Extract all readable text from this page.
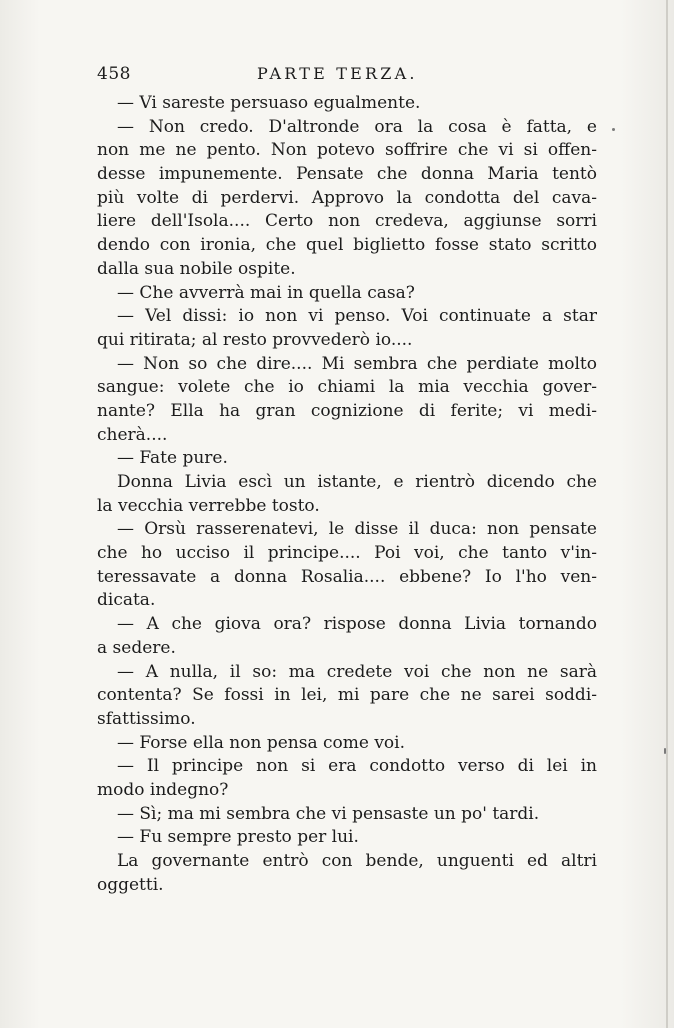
458	PARTE TERZA.
— Vi sareste persuaso egualmente.
— Non credo. D'altronde ora la cosa è fatta, e
non me ne pento. Non potevo soffrire che vi si offen-
desse impunemente. Pensate che donna Maria tentò
più volte di perdervi. Approvo la condotta del cava-
liere dell'Isola.... Certo non credeva, aggiunse sorri
dendo con ironia, che quel biglietto fosse stato scritto
dalla sua nobile ospite.
— Che avverrà mai in quella casa?
— Vel dissi: io non vi penso. Voi continuate a star
qui ritirata; al resto provvederò io....
— Non so che dire.... Mi sembra che perdiate molto
sangue: volete che io chiami la mia vecchia gover-
nante? Ella ha gran cognizione di ferite; vi medi-
cherà....
— Fate pure.
Donna Livia escì un istante, e rientrò dicendo che
la vecchia verrebbe tosto.
— Orsù rasserenatevi, le disse il duca: non pensate
che ho ucciso il principe.... Poi voi, che tanto v'in-
teressavate a donna Rosalia.... ebbene? Io l'ho ven-
dicata.
— A che giova ora? rispose donna Livia tornando
a sedere.
— A nulla, il so: ma credete voi che non ne sarà
contenta? Se fossi in lei, mi pare che ne sarei soddi-
sfattissimo.
— Forse ella non pensa come voi.
— Il principe non si era condotto verso di lei in
modo indegno?
— Sì; ma mi sembra che vi pensaste un po' tardi.
— Fu sempre presto per lui.
La governante entrò con bende, unguenti ed altri
oggetti.
